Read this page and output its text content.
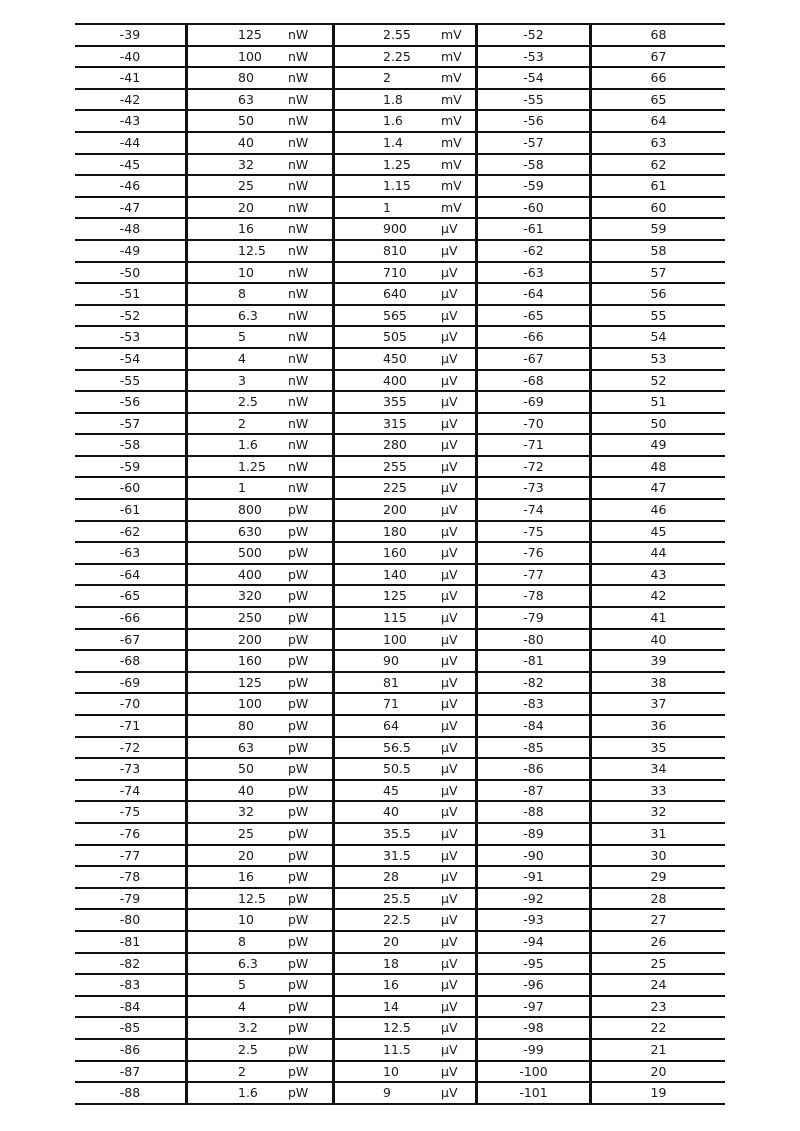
-39	125	nW	2.55	mV	-52	68
-40	100	nW	2.25	mV	-53	67
-41	80	nW	2	mV	-54	66
-42	63	nW	1.8	mV	-55	65
-43	50	nW	1.6	mV	-56	64
-44	40	nW	1.4	mV	-57	63
-45	32	nW	1.25	mV	-58	62
-46	25	nW	1.15	mV	-59	61
-47	20	nW	1	mV	-60	60
-48	16	nW	900	µV	-61	59
-49	12.5	nW	810	µV	-62	58
-50	10	nW	710	µV	-63	57
-51	8	nW	640	µV	-64	56
-52	6.3	nW	565	µV	-65	55
-53	5	nW	505	µV	-66	54
-54	4	nW	450	µV	-67	53
-55	3	nW	400	µV	-68	52
-56	2.5	nW	355	µV	-69	51
-57	2	nW	315	µV	-70	50
-58	1.6	nW	280	µV	-71	49
-59	1.25	nW	255	µV	-72	48
-60	1	nW	225	µV	-73	47
-61	800	pW	200	µV	-74	46
-62	630	pW	180	µV	-75	45
-63	500	pW	160	µV	-76	44
-64	400	pW	140	µV	-77	43
-65	320	pW	125	µV	-78	42
-66	250	pW	115	µV	-79	41
-67	200	pW	100	µV	-80	40
-68	160	pW	90	µV	-81	39
-69	125	pW	81	µV	-82	38
-70	100	pW	71	µV	-83	37
-71	80	pW	64	µV	-84	36
-72	63	pW	56.5	µV	-85	35
-73	50	pW	50.5	µV	-86	34
-74	40	pW	45	µV	-87	33
-75	32	pW	40	µV	-88	32
-76	25	pW	35.5	µV	-89	31
-77	20	pW	31.5	µV	-90	30
-78	16	pW	28	µV	-91	29
-79	12.5	pW	25.5	µV	-92	28
-80	10	pW	22.5	µV	-93	27
-81	8	pW	20	µV	-94	26
-82	6.3	pW	18	µV	-95	25
-83	5	pW	16	µV	-96	24
-84	4	pW	14	µV	-97	23
-85	3.2	pW	12.5	µV	-98	22
-86	2.5	pW	11.5	µV	-99	21
-87	2	pW	10	µV	-100	20
-88	1.6	pW	9	µV	-101	19
